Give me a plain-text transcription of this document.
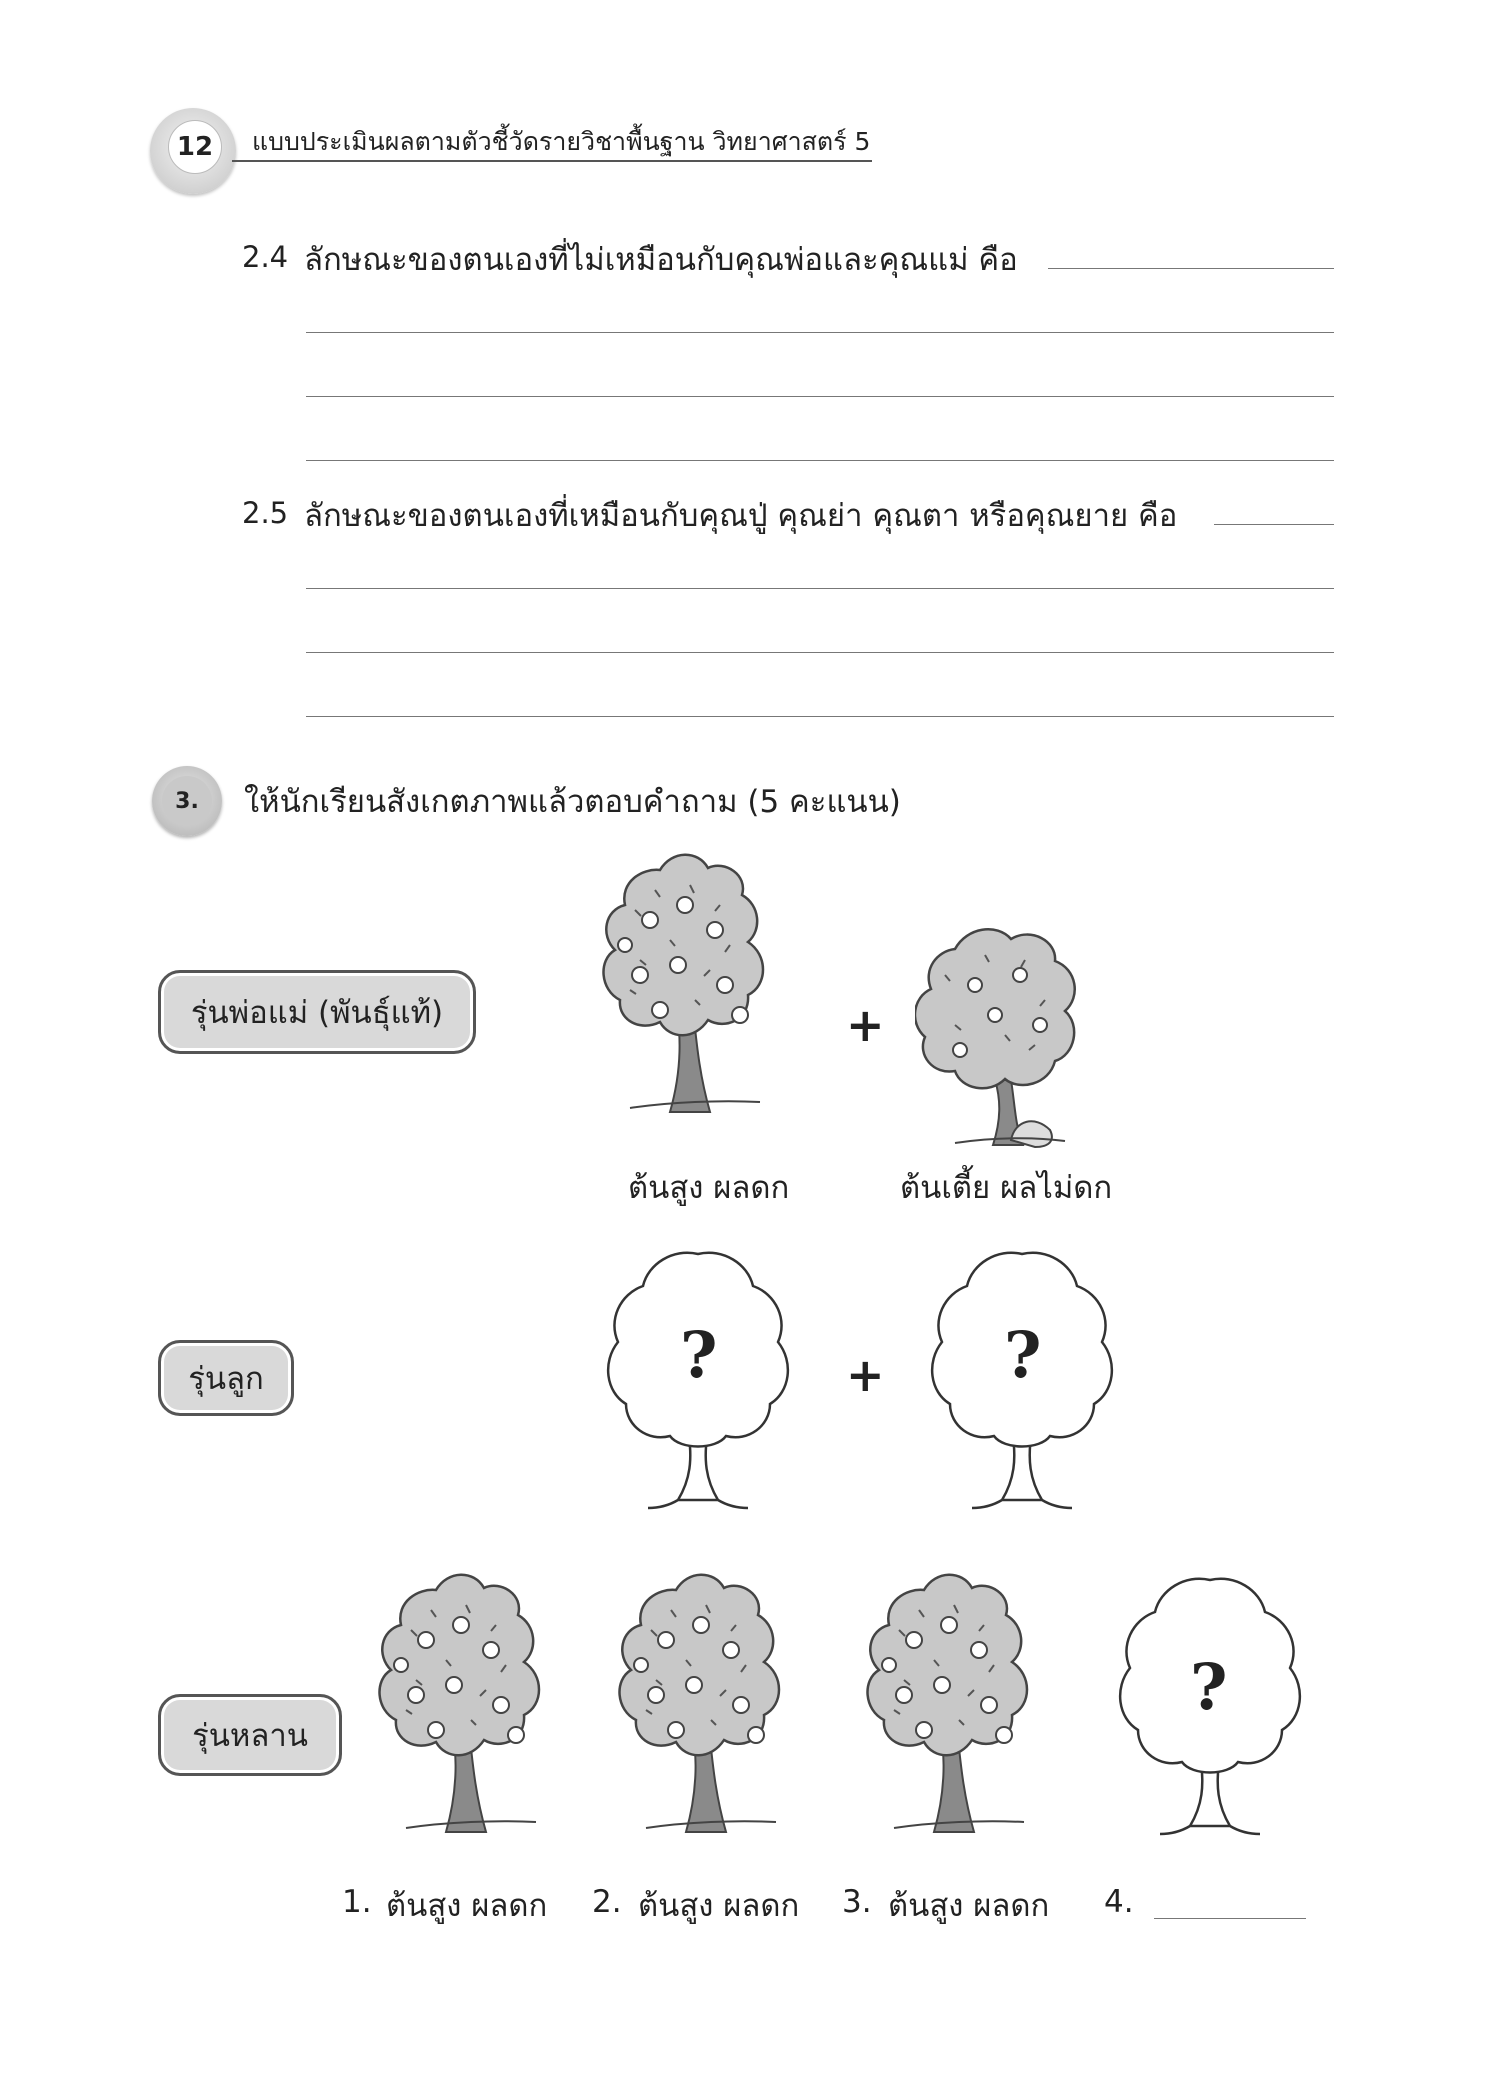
12	แบบประเมินผลตามตัวชี้วัดรายวิชาพื้นฐาน วิทยาศาสตร์ 5
2.4 ลักษณะของตนเองที่ไม่เหมือนกับคุณพ่อและคุณแม่ คือ
2.5 ลักษณะของตนเองที่เหมือนกับคุณปู่ คุณย่า คุณตา หรือคุณยาย คือ
3.	ให้นักเรียนสังเกตภาพแล้วตอบคำถาม (5 คะแนน)
รุ่นพ่อแม่ (พันธุ์แท้)
รุ่นลูก
รุ่นหลาน
+
ต้นสูง ผลดก	ต้นเตี้ย ผลไม่ดก
?	+ ?
?
1. ต้นสูง ผลดก 2. ต้นสูง ผลดก 3. ต้นสูง ผลดก 4.
